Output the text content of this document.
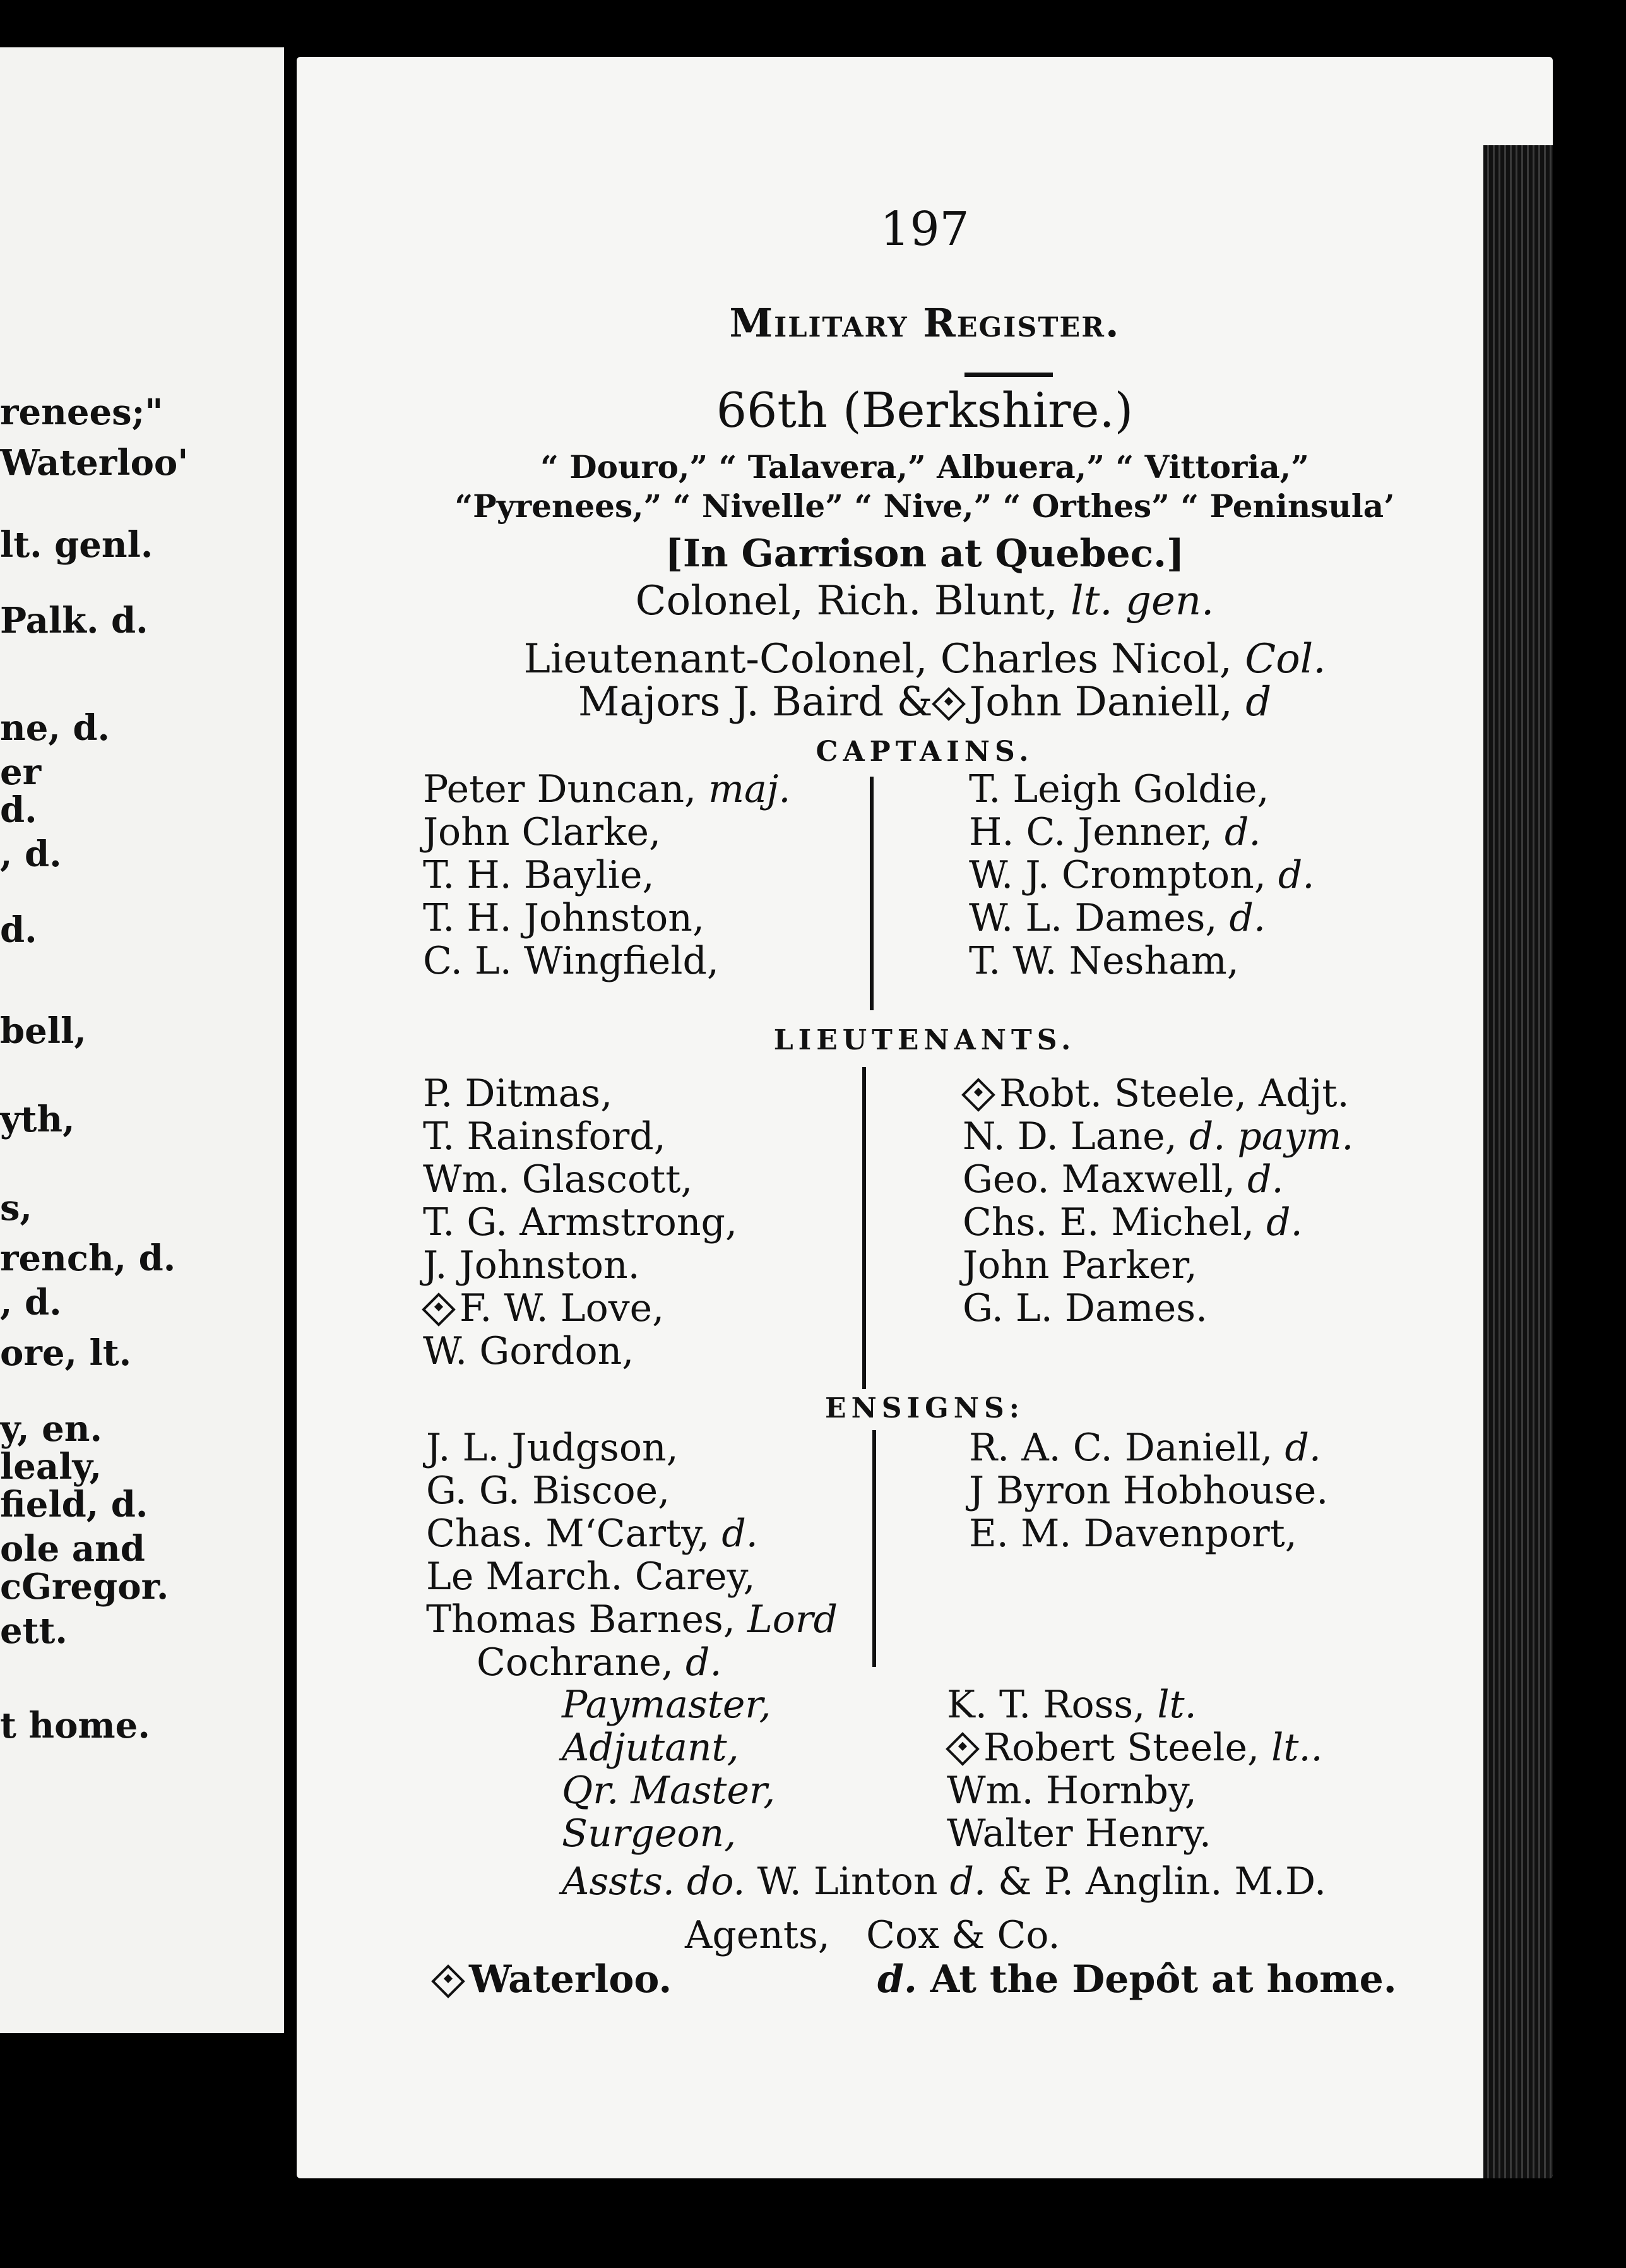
renees;"
Waterloo'
lt. genl.
Palk. d.
ne, d.
er
d.
, d.
d.
bell,
yth,
s,
rench, d.
, d.
ore, lt.
y, en.
lealy,
field, d.
ole and
cGregor.
ett.
t home.
197
Military Register.
66th (Berkshire.)
“ Douro,” “ Talavera,” Albuera,” “ Vittoria,”
“Pyrenees,” “ Nivelle” “ Nive,” “ Orthes” “ Peninsula’
[In Garrison at Quebec.]
Colonel, Rich. Blunt, lt. gen.
Lieutenant-Colonel, Charles Nicol, Col.
Majors J. Baird & John Daniell, d
CAPTAINS.
LIEUTENANTS.
ENSIGNS:
Assts. do. W. Linton d. & P. Anglin. M.D.
Agents, Cox & Co.
Waterloo.	d. At the Depôt at home.
Peter Duncan, maj.
John Clarke,
T. H. Baylie,
T. H. Johnston,
C. L. Wingfield,
T. Leigh Goldie,
H. C. Jenner, d.
W. J. Crompton, d.
W. L. Dames, d.
T. W. Nesham,
P. Ditmas,
T. Rainsford,
Wm. Glascott,
T. G. Armstrong,
J. Johnston.
F. W. Love,
W. Gordon,
Robt. Steele, Adjt.
N. D. Lane, d. paym.
Geo. Maxwell, d.
Chs. E. Michel, d.
John Parker,
G. L. Dames.
J. L. Judgson,
G. G. Biscoe,
Chas. M‘Carty, d.
Le March. Carey,
Thomas Barnes, Lord
Cochrane, d.
R. A. C. Daniell, d.
J Byron Hobhouse.
E. M. Davenport,
Paymaster,	K. T. Ross, lt.
Adjutant,	Robert Steele, lt..
Qr. Master,	Wm. Hornby,
Surgeon,	Walter Henry.
